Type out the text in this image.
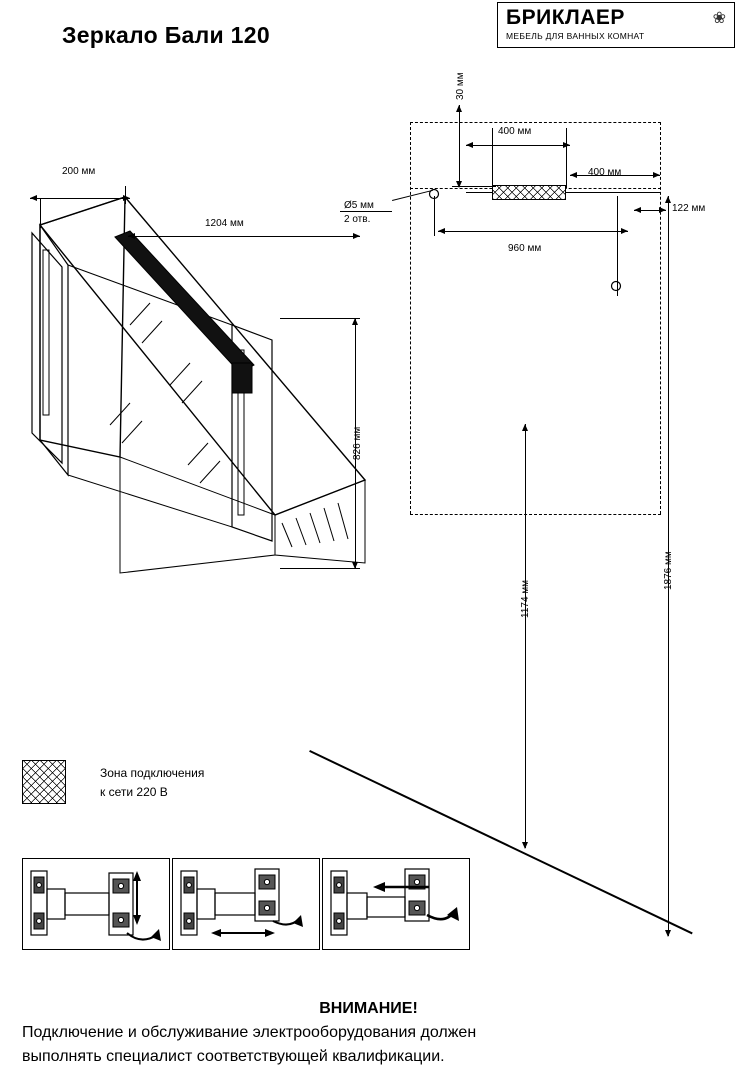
Зеркало Бали 120
БРИКЛАЕР
МЕБЕЛЬ ДЛЯ ВАННЫХ КОМНАТ
❀
200 мм
1204 мм
826 мм
30 мм
400 мм
400 мм
Ø5 мм
2 отв.
960 мм
122 мм
1174 мм
1876 мм
Зона подключения
к сети 220 В
ВНИМАНИЕ!
Подключение и обслуживание электрооборудования должен
выполнять специалист соответствующей квалификации.
